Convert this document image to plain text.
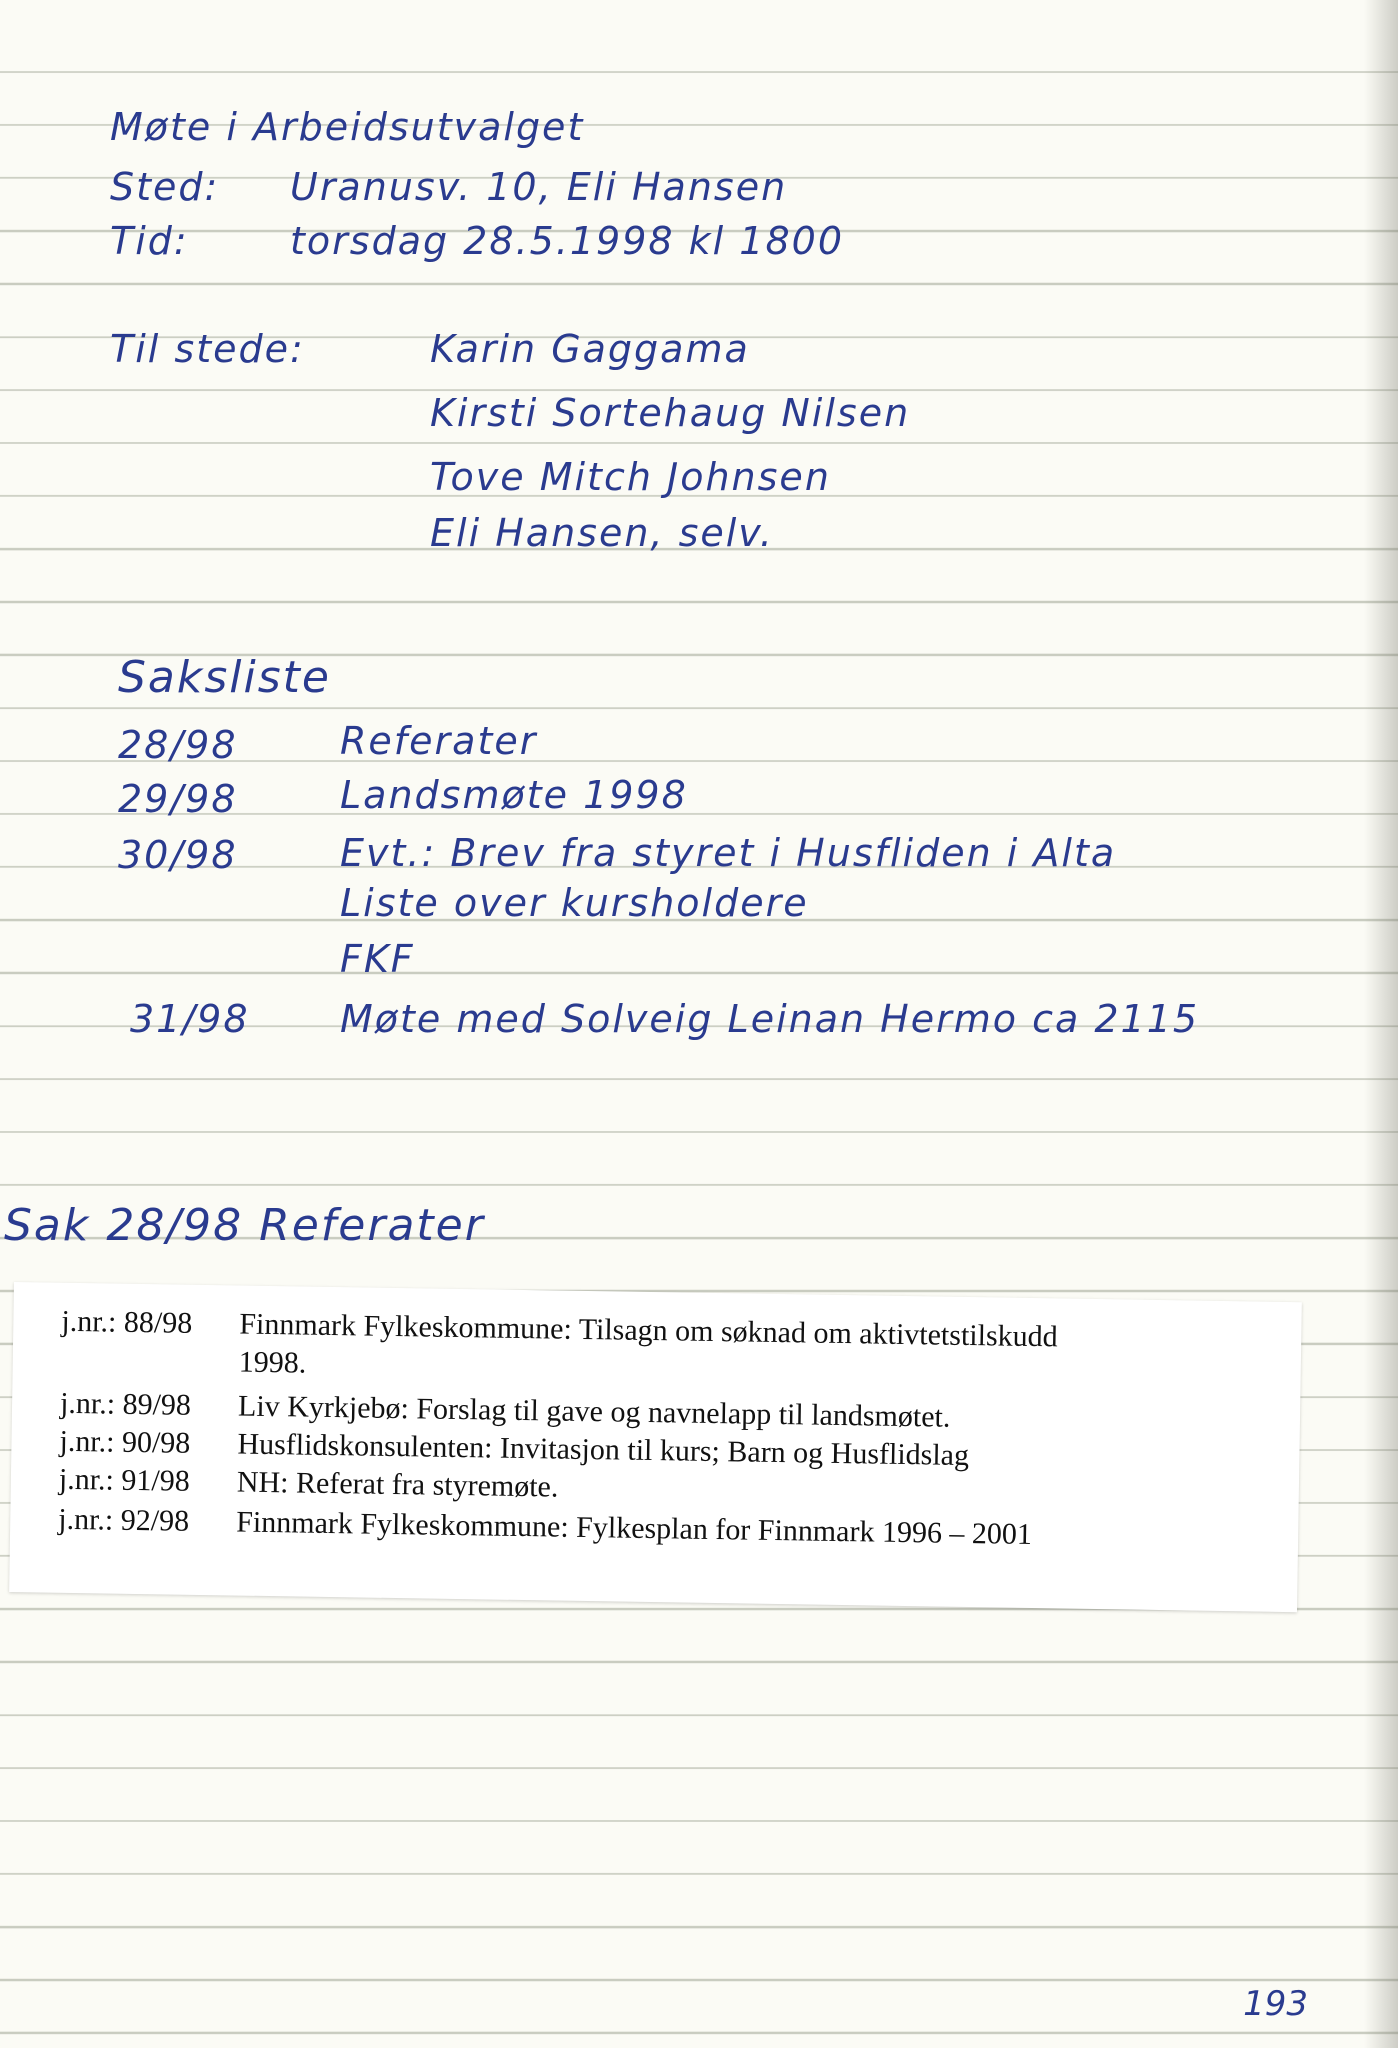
Møte i Arbeidsutvalget
Sted: Uranusv. 10, Eli Hansen
Tid:	torsdag 28.5.1998 kl 1800
Til stede:	Karin Gaggama
Kirsti Sortehaug Nilsen
Tove Mitch Johnsen
Eli Hansen, selv.
Saksliste
28/98	Referater
29/98	Landsmøte 1998
30/98	Evt.: Brev fra styret i Husfliden i Alta
Liste over kursholdere
FKF
31/98 Møte med Solveig Leinan Hermo ca 2115
Sak 28/98 Referater
j.nr.: 88/98 Finnmark Fylkeskommune: Tilsagn om søknad om aktivtetstilskudd
1998.
j.nr.: 89/98 Liv Kyrkjebø: Forslag til gave og navnelapp til landsmøtet.
j.nr.: 90/98 Husflidskonsulenten: Invitasjon til kurs; Barn og Husflidslag
j.nr.: 91/98 NH: Referat fra styremøte.
j.nr.: 92/98 Finnmark Fylkeskommune: Fylkesplan for Finnmark 1996 – 2001
193
